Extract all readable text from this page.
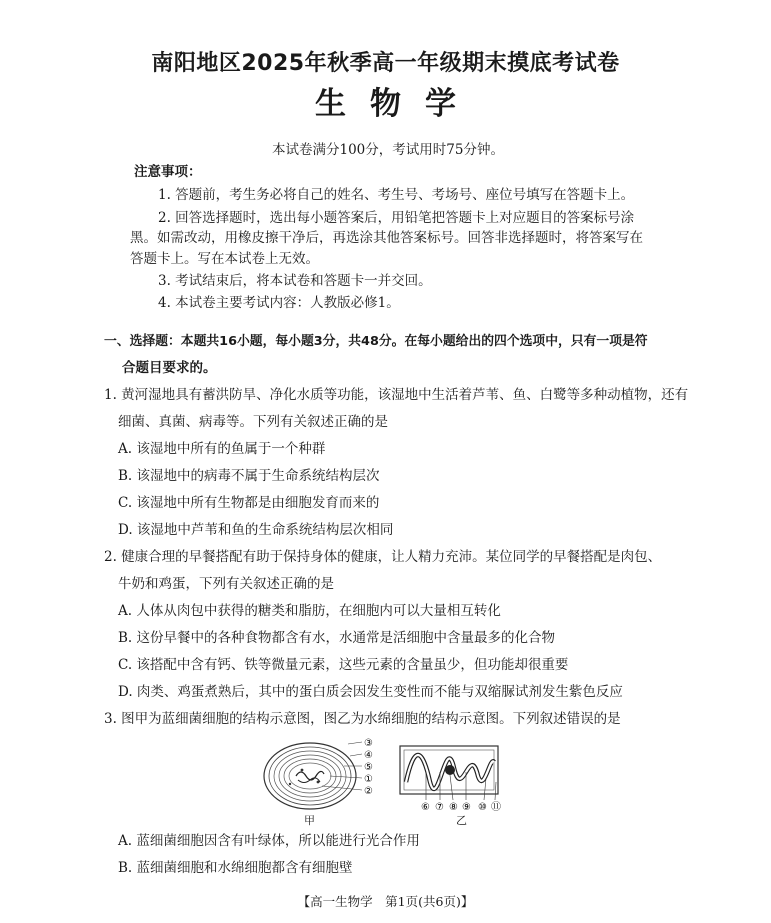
南阳地区2025年秋季高一年级期末摸底考试卷
生物学
本试卷满分100分，考试用时75分钟。
注意事项：
1. 答题前，考生务必将自己的姓名、考生号、考场号、座位号填写在答题卡上。
2. 回答选择题时，选出每小题答案后，用铅笔把答题卡上对应题目的答案标号涂
黑。如需改动，用橡皮擦干净后，再选涂其他答案标号。回答非选择题时，将答案写在
答题卡上。写在本试卷上无效。
3. 考试结束后，将本试卷和答题卡一并交回。
4. 本试卷主要考试内容：人教版必修1。
一、选择题：本题共16小题，每小题3分，共48分。在每小题给出的四个选项中，只有一项是符
合题目要求的。
1. 黄河湿地具有蓄洪防旱、净化水质等功能，该湿地中生活着芦苇、鱼、白鹭等多种动植物，还有
细菌、真菌、病毒等。下列有关叙述正确的是
A. 该湿地中所有的鱼属于一个种群
B. 该湿地中的病毒不属于生命系统结构层次
C. 该湿地中所有生物都是由细胞发育而来的
D. 该湿地中芦苇和鱼的生命系统结构层次相同
2. 健康合理的早餐搭配有助于保持身体的健康，让人精力充沛。某位同学的早餐搭配是肉包、
牛奶和鸡蛋，下列有关叙述正确的是
A. 人体从肉包中获得的糖类和脂肪，在细胞内可以大量相互转化
B. 这份早餐中的各种食物都含有水，水通常是活细胞中含量最多的化合物
C. 该搭配中含有钙、铁等微量元素，这些元素的含量虽少，但功能却很重要
D. 肉类、鸡蛋煮熟后，其中的蛋白质会因发生变性而不能与双缩脲试剂发生紫色反应
3. 图甲为蓝细菌细胞的结构示意图，图乙为水绵细胞的结构示意图。下列叙述错误的是
③
④
⑤
①
②
甲
⑥ ⑦ ⑧ ⑨ ⑩ ⑪
乙
A. 蓝细菌细胞因含有叶绿体，所以能进行光合作用
B. 蓝细菌细胞和水绵细胞都含有细胞壁
【高一生物学　第1页(共6页)】
